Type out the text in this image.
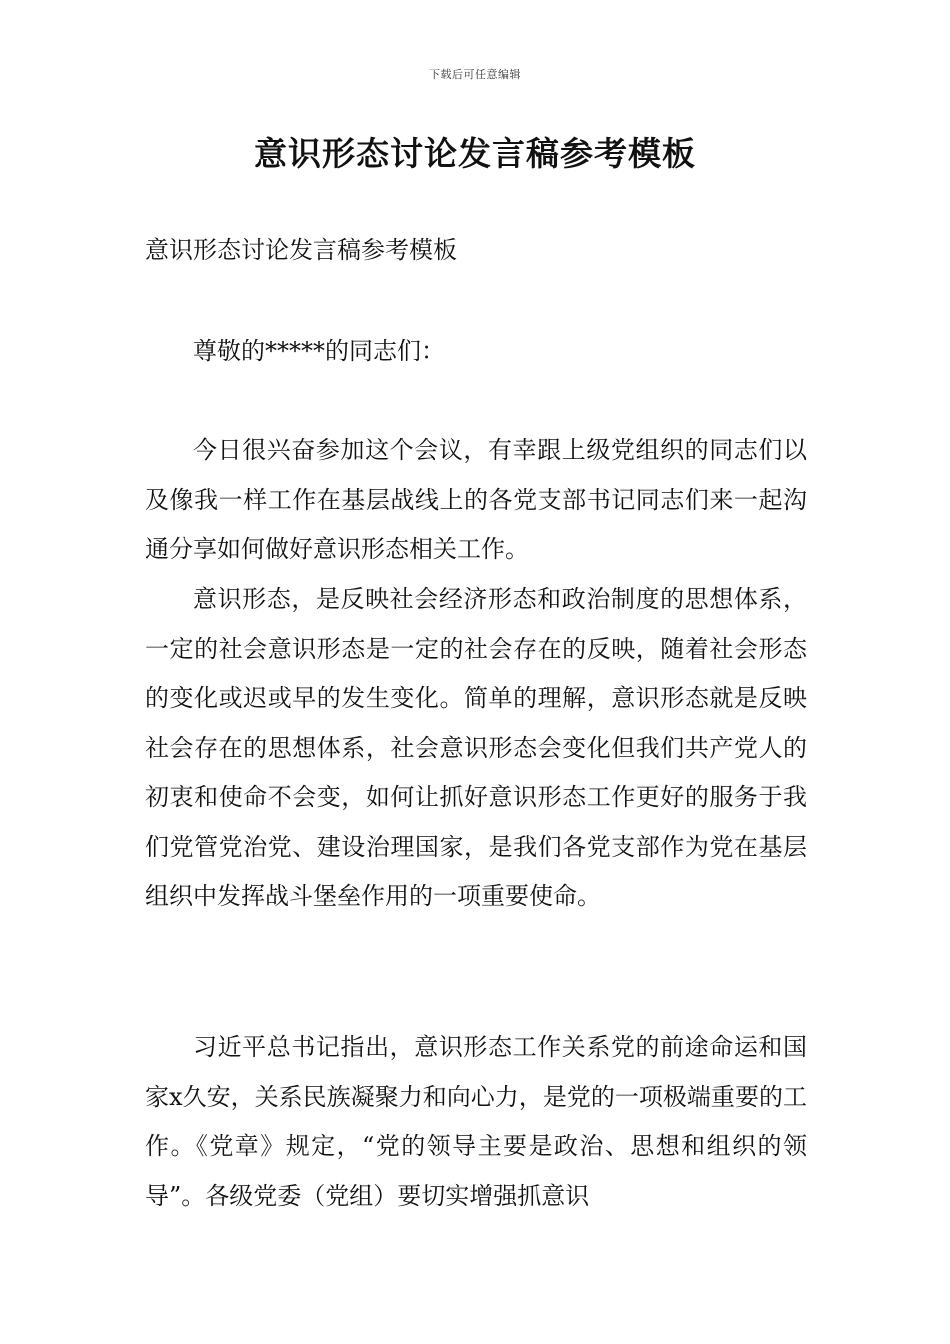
下载后可任意编辑
意识形态讨论发言稿参考模板

意识形态讨论发言稿参考模板

尊敬的*****的同志们：

今日很兴奋参加这个会议，有幸跟上级党组织的同志们以及像我一样工作在基层战线上的各党支部书记同志们来一起沟通分享如何做好意识形态相关工作。

意识形态，是反映社会经济形态和政治制度的思想体系，一定的社会意识形态是一定的社会存在的反映，随着社会形态的变化或迟或早的发生变化。简单的理解，意识形态就是反映社会存在的思想体系，社会意识形态会变化但我们共产党人的初衷和使命不会变，如何让抓好意识形态工作更好的服务于我们党管党治党、建设治理国家，是我们各党支部作为党在基层组织中发挥战斗堡垒作用的一项重要使命。

习近平总书记指出，意识形态工作关系党的前途命运和国家x久安，关系民族凝聚力和向心力，是党的一项极端重要的工作。《党章》规定，“党的领导主要是政治、思想和组织的领导”。各级党委（党组）要切实增强抓意识
